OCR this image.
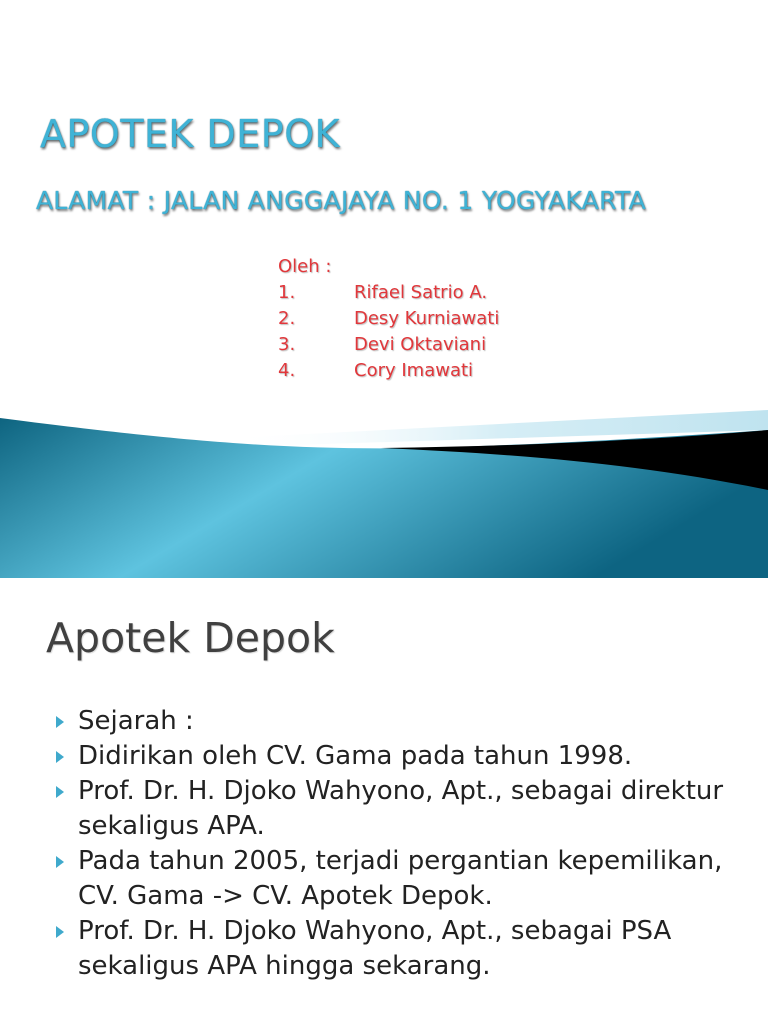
APOTEK DEPOK
ALAMAT : JALAN ANGGAJAYA NO. 1 YOGYAKARTA
Oleh :
1.	Rifael Satrio A.
2.	Desy Kurniawati
3.	Devi Oktaviani
4.	Cory Imawati
Apotek Depok
Sejarah :
Didirikan oleh CV. Gama pada tahun 1998.
Prof. Dr. H. Djoko Wahyono, Apt., sebagai direktur sekaligus APA.
Pada tahun 2005, terjadi pergantian kepemilikan, CV. Gama -> CV. Apotek Depok.
Prof. Dr. H. Djoko Wahyono, Apt., sebagai PSA sekaligus APA hingga sekarang.
